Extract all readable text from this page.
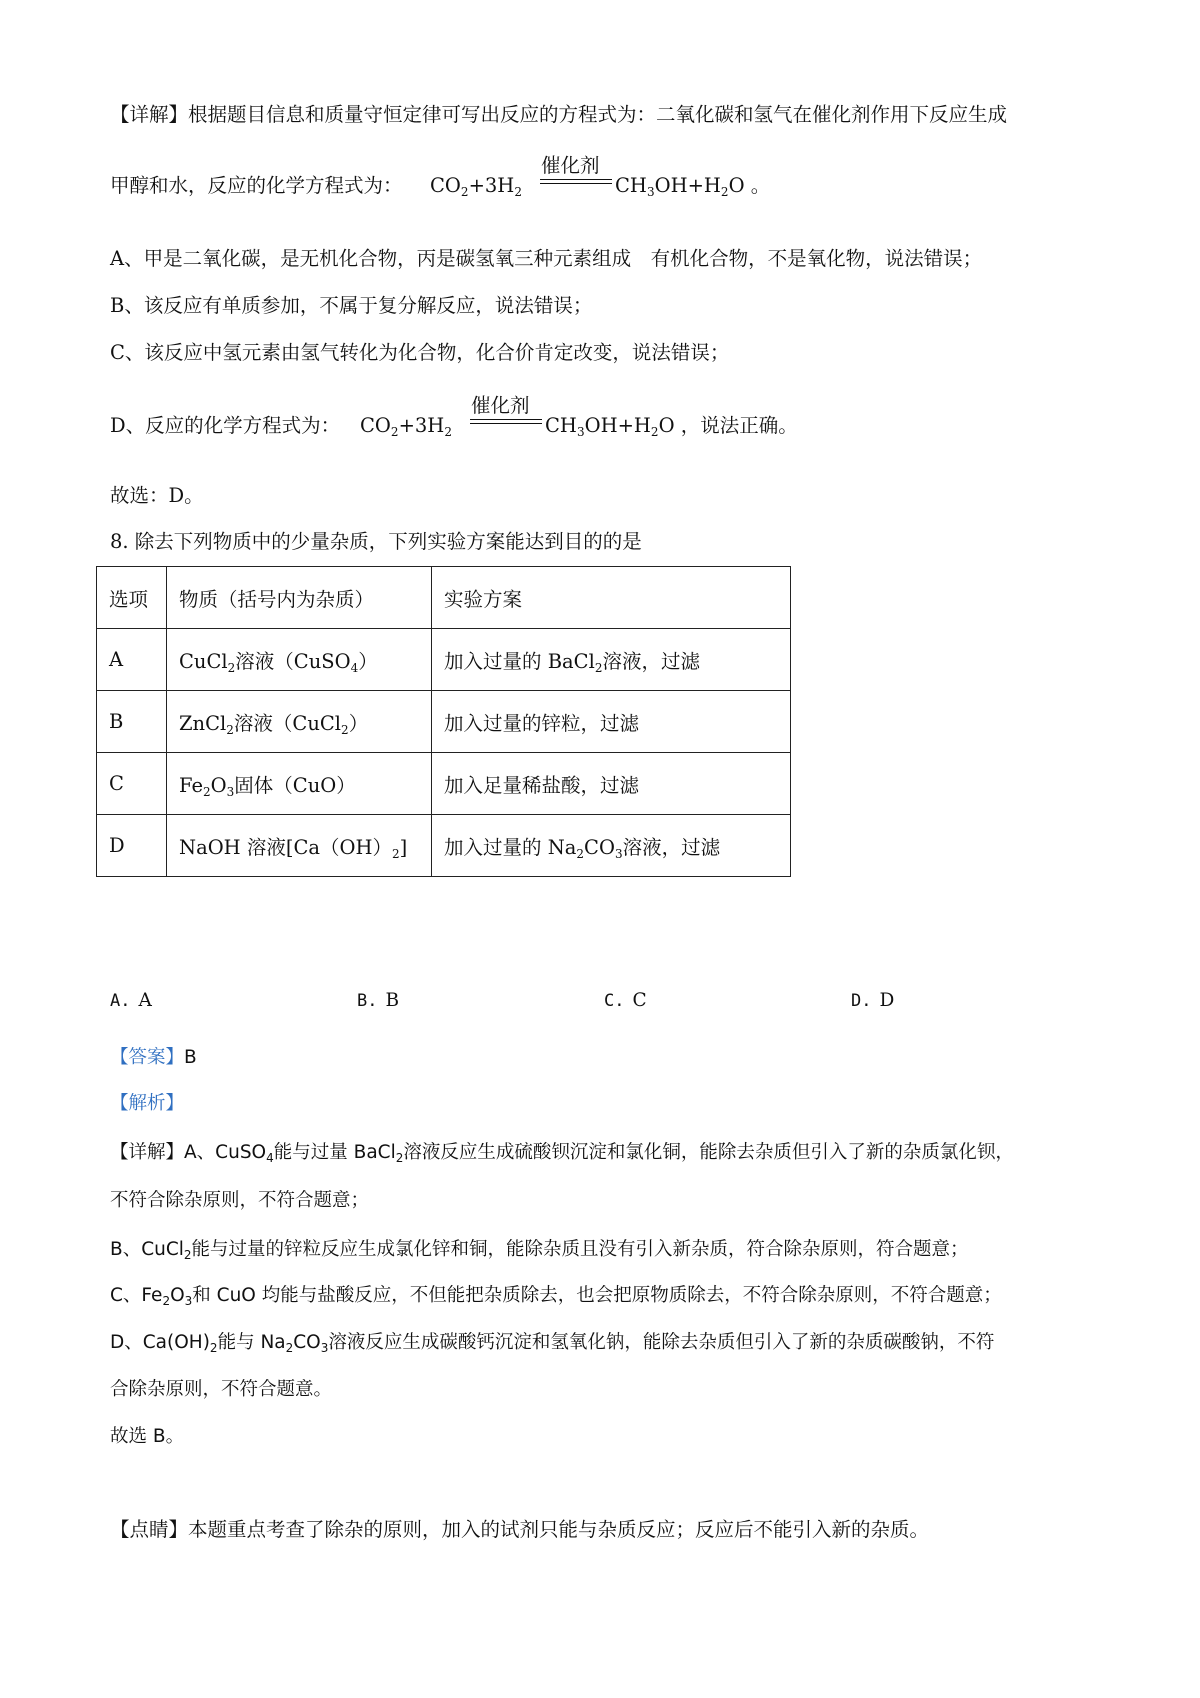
【详解】根据题目信息和质量守恒定律可写出反应的方程式为：二氧化碳和氢气在催化剂作用下反应生成
甲醇和水，反应的化学方程式为：
催化剂
$CO_2+3H_2$	$CH_3OH+H_2O$ 。
A、甲是二氧化碳，是无机化合物，丙是碳氢氧三种元素组成　有机化合物，不是氧化物，说法错误；
B、该反应有单质参加，不属于复分解反应，说法错误；
C、该反应中氢元素由氢气转化为化合物，化合价肯定改变，说法错误；
D、反应的化学方程式为：
催化剂
$CO_2+3H_2$	$CH_3OH+H_2O$ ，说法正确。
故选：D。
8. 除去下列物质中的少量杂质，下列实验方案能达到目的的是
选项	物质（括号内为杂质）	实验方案
A	CuCl$_2$溶液（CuSO$_4$）	加入过量的 BaCl$_2$溶液，过滤
B	ZnCl$_2$溶液（CuCl$_2$）	加入过量的锌粒，过滤
C	$Fe_2O_3$固体（CuO）	加入足量稀盐酸，过滤
D	NaOH 溶液$[Ca(OH)_2]$	加入过量的 $Na_2CO_3$溶液，过滤
A. A	B. B	C. C	D. D
【答案】B
【解析】
【详解】A、CuSO$_4$能与过量 BaCl$_2$溶液反应生成硫酸钡沉淀和氯化铜，能除去杂质但引入了新的杂质氯化钡，
不符合除杂原则，不符合题意；
B、CuCl$_2$能与过量的锌粒反应生成氯化锌和铜，能除杂质且没有引入新杂质，符合除杂原则，符合题意；
C、$Fe_2O_3$和 CuO 均能与盐酸反应，不但能把杂质除去，也会把原物质除去，不符合除杂原则，不符合题意；
D、$Ca(OH)_2$能与 $Na_2CO_3$溶液反应生成碳酸钙沉淀和氢氧化钠，能除去杂质但引入了新的杂质碳酸钠，不符
合除杂原则，不符合题意。
故选 B。
【点睛】本题重点考查了除杂的原则，加入的试剂只能与杂质反应；反应后不能引入新的杂质。
